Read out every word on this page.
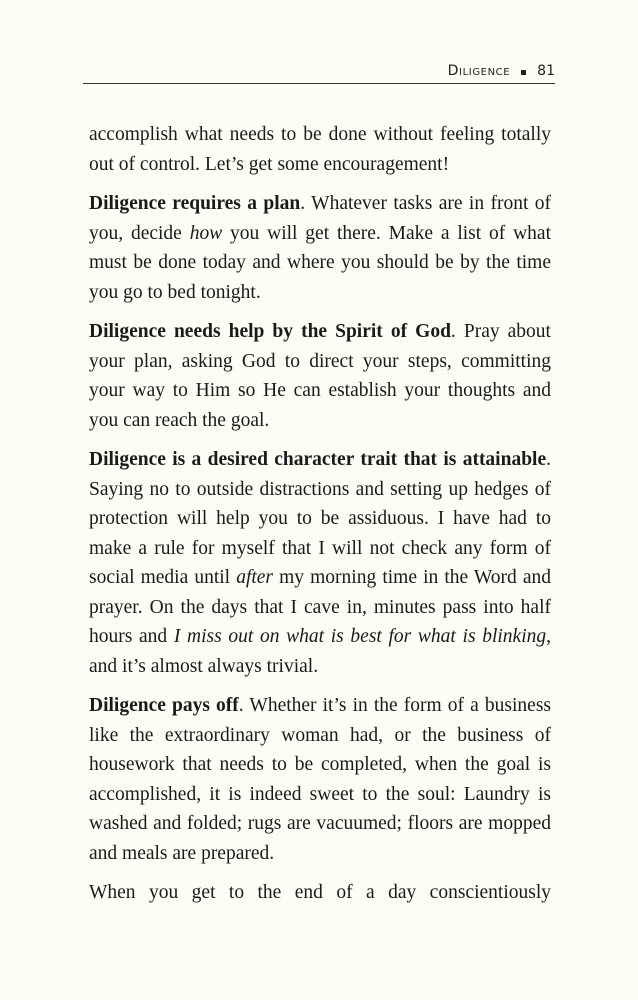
Diligence 81

accomplish what needs to be done without feeling totally out of control. Let’s get some encouragement!

Diligence requires a plan. Whatever tasks are in front of you, decide how you will get there. Make a list of what must be done today and where you should be by the time you go to bed tonight.

Diligence needs help by the Spirit of God. Pray about your plan, asking God to direct your steps, committing your way to Him so He can establish your thoughts and you can reach the goal.

Diligence is a desired character trait that is attainable. Saying no to outside distractions and setting up hedges of protection will help you to be assiduous. I have had to make a rule for myself that I will not check any form of social media until after my morning time in the Word and prayer. On the days that I cave in, minutes pass into half hours and I miss out on what is best for what is blinking, and it’s almost always trivial.

Diligence pays off. Whether it’s in the form of a business like the extraordinary woman had, or the business of housework that needs to be completed, when the goal is accomplished, it is indeed sweet to the soul: Laundry is washed and folded; rugs are vacuumed; floors are mopped and meals are prepared.

When you get to the end of a day conscientiously
